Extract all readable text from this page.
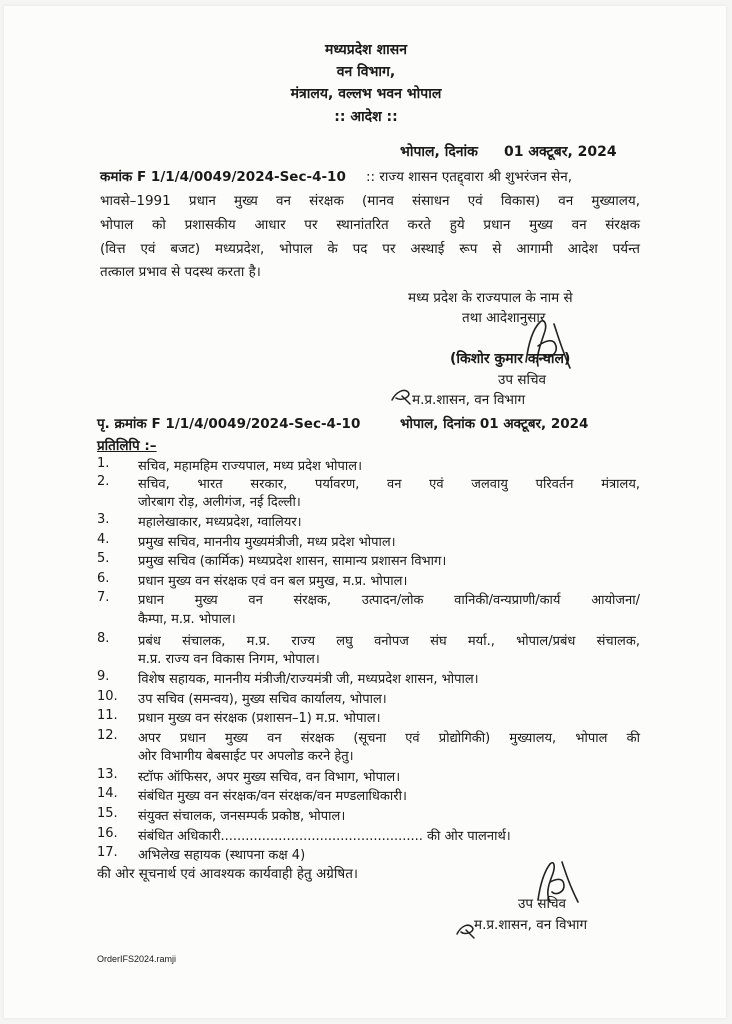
मध्यप्रदेश शासन
वन विभाग,
मंत्रालय, वल्लभ भवन भोपाल
:: आदेश ::
भोपाल, दिनांक 01 अक्टूबर, 2024
कमांक F 1/1/4/0049/2024-Sec-4-10 :: राज्य शासन एतद्द्वारा श्री शुभरंजन सेन,
भावसे–1991 प्रधान मुख्य वन संरक्षक (मानव संसाधन एवं विकास) वन मुख्यालय,
भोपाल को प्रशासकीय आधार पर स्थानांतरित करते हुये प्रधान मुख्य वन संरक्षक
(वित्त एवं बजट) मध्यप्रदेश, भोपाल के पद पर अस्थाई रूप से आगामी आदेश पर्यन्त
तत्काल प्रभाव से पदस्थ करता है।
मध्य प्रदेश के राज्यपाल के नाम से
तथा आदेशानुसार
(किशोर कुमार कन्याल)
उप सचिव
म.प्र.शासन, वन विभाग
पृ. क्रमांक F 1/1/4/0049/2024-Sec-4-10	भोपाल, दिनांक 01 अक्टूबर, 2024
प्रतिलिपि :–
1. सचिव, महामहिम राज्यपाल, मध्य प्रदेश भोपाल।
2. सचिव, भारत सरकार, पर्यावरण, वन एवं जलवायु परिवर्तन मंत्रालय,
जोरबाग रोड़, अलीगंज, नई दिल्ली।
3. महालेखाकार, मध्यप्रदेश, ग्वालियर।
4. प्रमुख सचिव, माननीय मुख्यमंत्रीजी, मध्य प्रदेश भोपाल।
5. प्रमुख सचिव (कार्मिक) मध्यप्रदेश शासन, सामान्य प्रशासन विभाग।
6. प्रधान मुख्य वन संरक्षक एवं वन बल प्रमुख, म.प्र. भोपाल।
7. प्रधान मुख्य वन संरक्षक, उत्पादन/लोक वानिकी/वन्यप्राणी/कार्य आयोजना/
कैम्पा, म.प्र. भोपाल।
8. प्रबंध संचालक, म.प्र. राज्य लघु वनोपज संघ मर्या., भोपाल/प्रबंध संचालक,
म.प्र. राज्य वन विकास निगम, भोपाल।
9. विशेष सहायक, माननीय मंत्रीजी/राज्यमंत्री जी, मध्यप्रदेश शासन, भोपाल।
10. उप सचिव (समन्वय), मुख्य सचिव कार्यालय, भोपाल।
11. प्रधान मुख्य वन संरक्षक (प्रशासन–1) म.प्र. भोपाल।
12. अपर प्रधान मुख्य वन संरक्षक (सूचना एवं प्रोद्योगिकी) मुख्यालय, भोपाल की
ओर विभागीय बेबसाईट पर अपलोड करने हेतु।
13. स्टॉफ ऑफिसर, अपर मुख्य सचिव, वन विभाग, भोपाल।
14. संबंधित मुख्य वन संरक्षक/वन संरक्षक/वन मण्डलाधिकारी।
15. संयुक्त संचालक, जनसम्पर्क प्रकोष्ठ, भोपाल।
16. संबंधित अधिकारी................................................. की ओर पालनार्थ।
17. अभिलेख सहायक (स्थापना कक्ष 4)
की ओर सूचनार्थ एवं आवश्यक कार्यवाही हेतु अग्रेषित।
उप सचिव
म.प्र.शासन, वन विभाग
OrderIFS2024.ramji
